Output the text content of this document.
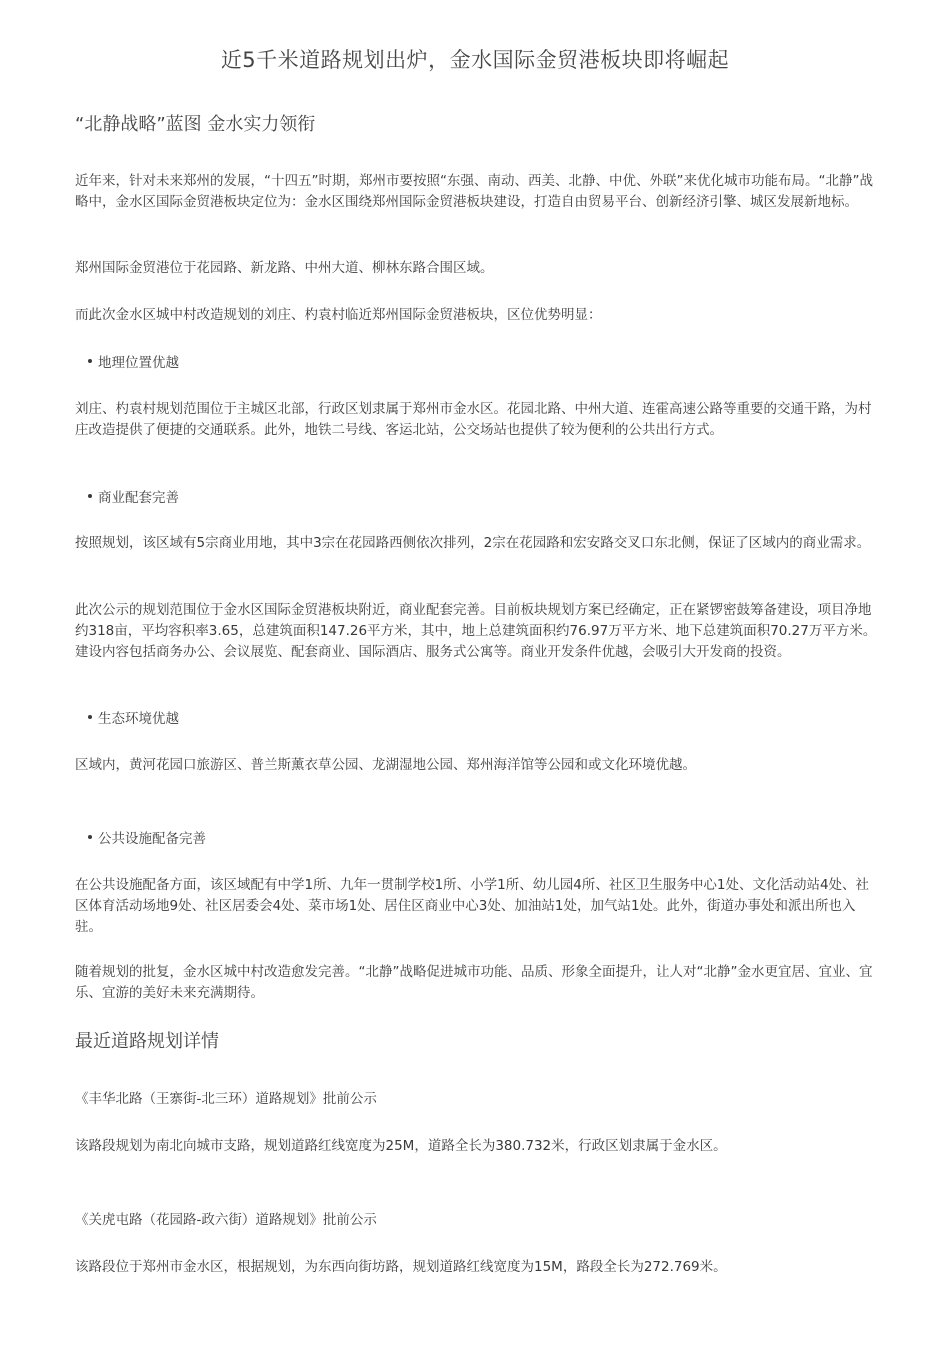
近5千米道路规划出炉，金水国际金贸港板块即将崛起
“北静战略”蓝图 金水实力领衔

近年来，针对未来郑州的发展，“十四五”时期，郑州市要按照“东强、南动、西美、北静、中优、外联”来优化城市功能布局。“北静”战略中，金水区国际金贸港板块定位为：金水区围绕郑州国际金贸港板块建设，打造自由贸易平台、创新经济引擎、城区发展新地标。

郑州国际金贸港位于花园路、新龙路、中州大道、柳林东路合围区域。

而此次金水区城中村改造规划的刘庄、杓袁村临近郑州国际金贸港板块，区位优势明显：

地理位置优越

刘庄、杓袁村规划范围位于主城区北部，行政区划隶属于郑州市金水区。花园北路、中州大道、连霍高速公路等重要的交通干路，为村庄改造提供了便捷的交通联系。此外，地铁二号线、客运北站，公交场站也提供了较为便利的公共出行方式。

商业配套完善

按照规划，该区域有5宗商业用地，其中3宗在花园路西侧依次排列，2宗在花园路和宏安路交叉口东北侧，保证了区域内的商业需求。

此次公示的规划范围位于金水区国际金贸港板块附近，商业配套完善。目前板块规划方案已经确定，正在紧锣密鼓筹备建设，项目净地约318亩，平均容积率3.65，总建筑面积147.26平方米，其中，地上总建筑面积约76.97万平方米、地下总建筑面积70.27万平方米。 建设内容包括商务办公、会议展览、配套商业、国际酒店、服务式公寓等。商业开发条件优越，会吸引大开发商的投资。

生态环境优越

区域内，黄河花园口旅游区、普兰斯薰衣草公园、龙湖湿地公园、郑州海洋馆等公园和或文化环境优越。

公共设施配备完善

在公共设施配备方面，该区域配有中学1所、九年一贯制学校1所、小学1所、幼儿园4所、社区卫生服务中心1处、文化活动站4处、社区体育活动场地9处、社区居委会4处、菜市场1处、居住区商业中心3处、加油站1处，加气站1处。此外，街道办事处和派出所也入驻。

随着规划的批复，金水区城中村改造愈发完善。“北静”战略促进城市功能、品质、形象全面提升，让人对“北静”金水更宜居、宜业、宜乐、宜游的美好未来充满期待。

最近道路规划详情

《丰华北路（王寨街-北三环）道路规划》批前公示

该路段规划为南北向城市支路，规划道路红线宽度为25M，道路全长为380.732米，行政区划隶属于金水区。

《关虎屯路（花园路-政六街）道路规划》批前公示

该路段位于郑州市金水区，根据规划，为东西向街坊路，规划道路红线宽度为15M，路段全长为272.769米。
